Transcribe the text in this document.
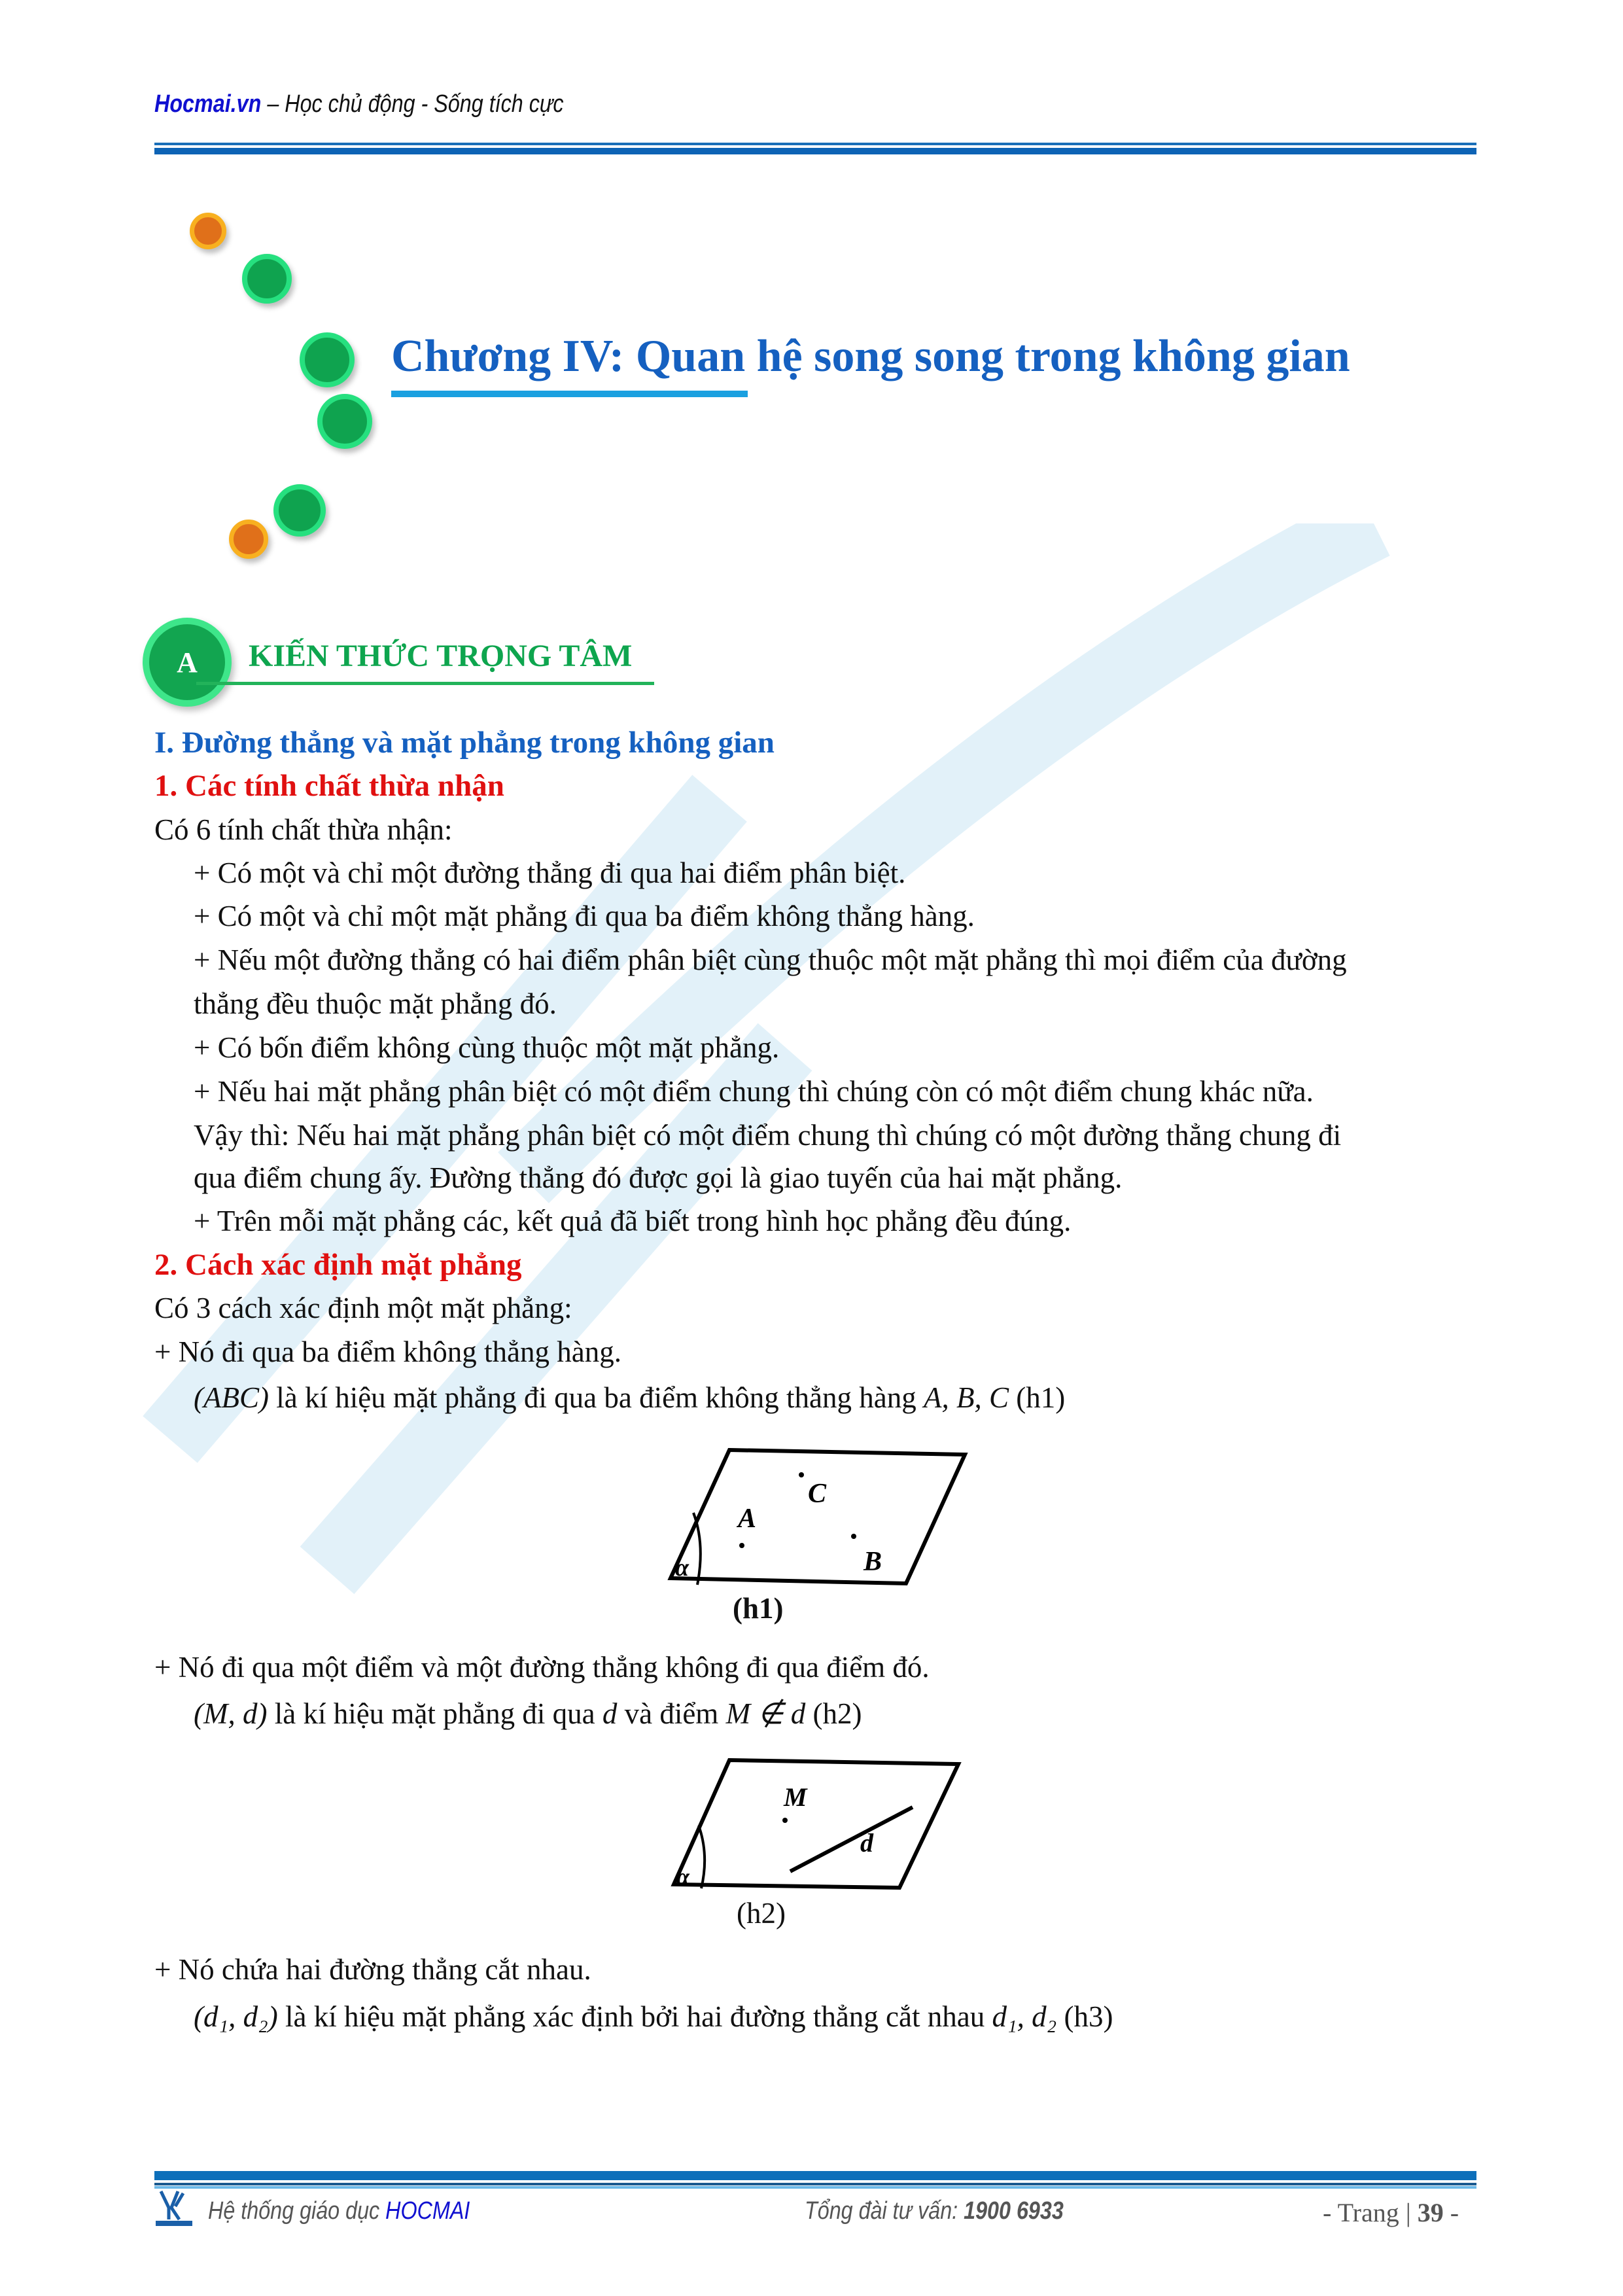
Hocmai.vn – Học chủ động - Sống tích cực
Chương IV: Quan hệ song song trong không gian
A	KIẾN THỨC TRỌNG TÂM
I. Đường thẳng và mặt phẳng trong không gian
1. Các tính chất thừa nhận
Có 6 tính chất thừa nhận:
+ Có một và chỉ một đường thẳng đi qua hai điểm phân biệt.
+ Có một và chỉ một mặt phẳng đi qua ba điểm không thẳng hàng.
+ Nếu một đường thẳng có hai điểm phân biệt cùng thuộc một mặt phẳng thì mọi điểm của đường
thẳng đều thuộc mặt phẳng đó.
+ Có bốn điểm không cùng thuộc một mặt phẳng.
+ Nếu hai mặt phẳng phân biệt có một điểm chung thì chúng còn có một điểm chung khác nữa.
Vậy thì: Nếu hai mặt phẳng phân biệt có một điểm chung thì chúng có một đường thẳng chung đi
qua điểm chung ấy. Đường thẳng đó được gọi là giao tuyến của hai mặt phẳng.
+ Trên mỗi mặt phẳng các, kết quả đã biết trong hình học phẳng đều đúng.
2. Cách xác định mặt phẳng
Có 3 cách xác định một mặt phẳng:
+ Nó đi qua ba điểm không thẳng hàng.
(ABC) là kí hiệu mặt phẳng đi qua ba điểm không thẳng hàng A, B, C (h1)
α
A
C
B
(h1)
+ Nó đi qua một điểm và một đường thẳng không đi qua điểm đó.
(M, d) là kí hiệu mặt phẳng đi qua d và điểm M ∉ d (h2)
α
M
d
(h2)
+ Nó chứa hai đường thẳng cắt nhau.
(d₁, d₂) là kí hiệu mặt phẳng xác định bởi hai đường thẳng cắt nhau d₁, d₂ (h3)
Hệ thống giáo dục HOCMAI	Tổng đài tư vấn: 1900 6933	- Trang | 39 -
